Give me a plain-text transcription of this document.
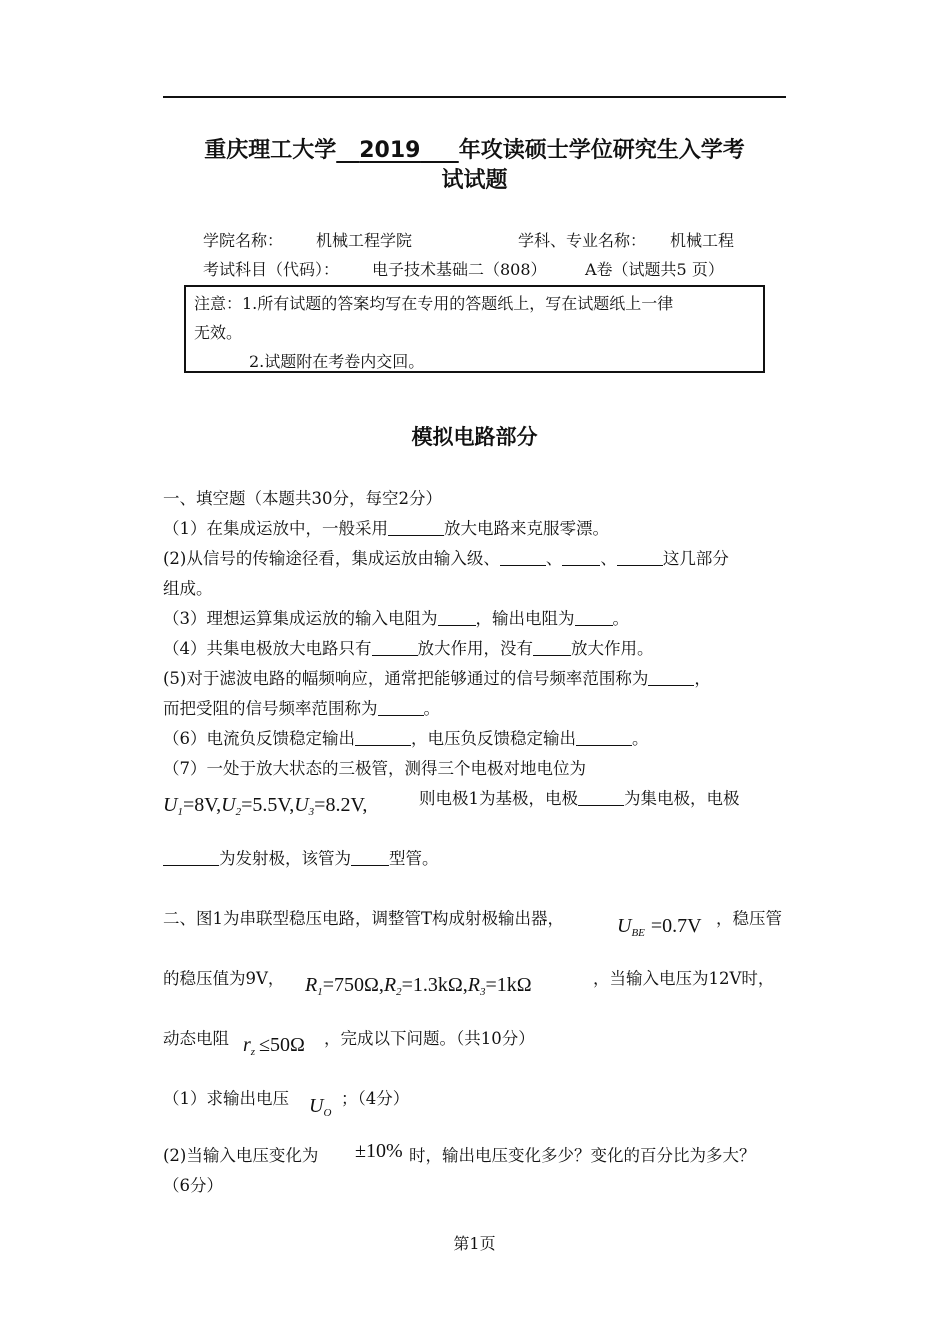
重庆理工大学 2019 年攻读硕士学位研究生入学考
试试题
学院名称： 机械工程学院	学科、专业名称： 机械工程
考试科目（代码）： 电子技术基础二（808） A卷（试题共5 页）
注意：1.所有试题的答案均写在专用的答题纸上，写在试题纸上一律
无效。
2.试题附在考卷内交回。
模拟电路部分
一、填空题（本题共30分，每空2分）
（1）在集成运放中，一般采用	放大电路来克服零漂。
(2)从信号的传输途径看，集成运放由输入级、	、 、	这几部分
组成。
（3）理想运算集成运放的输入电阻为 ，输出电阻为 。
（4）共集电极放大电路只有	放大作用，没有 放大作用。
(5)对于滤波电路的幅频响应，通常把能够通过的信号频率范围称为	，
而把受阻的信号频率范围称为	。
（6）电流负反馈稳定输出	，电压负反馈稳定输出	。
（7）一处于放大状态的三极管，测得三个电极对地电位为
$U_1=8V,U_2=5.5V,U_3=8.2V$,	则电极1为基极，电极	为集电极，电极
为发射极，该管为 型管。
二、图1为串联型稳压电路，调整管T构成射极输出器，	$U_{BE} =0.7V$ ，稳压管
的稳压值为9V， $R_1=750\Omega,R_2=1.3k\Omega,R_3=1k\Omega$	，当输入电压为12V时，
动态电阻 $r_z \le 50\Omega$ ，完成以下问题。（共10分）
（1）求输出电压 $U_O$
；（4分）
(2)当输入电压变化为 ±10% 时，输出电压变化多少？变化的百分比为多大？
（6分）
第1页
